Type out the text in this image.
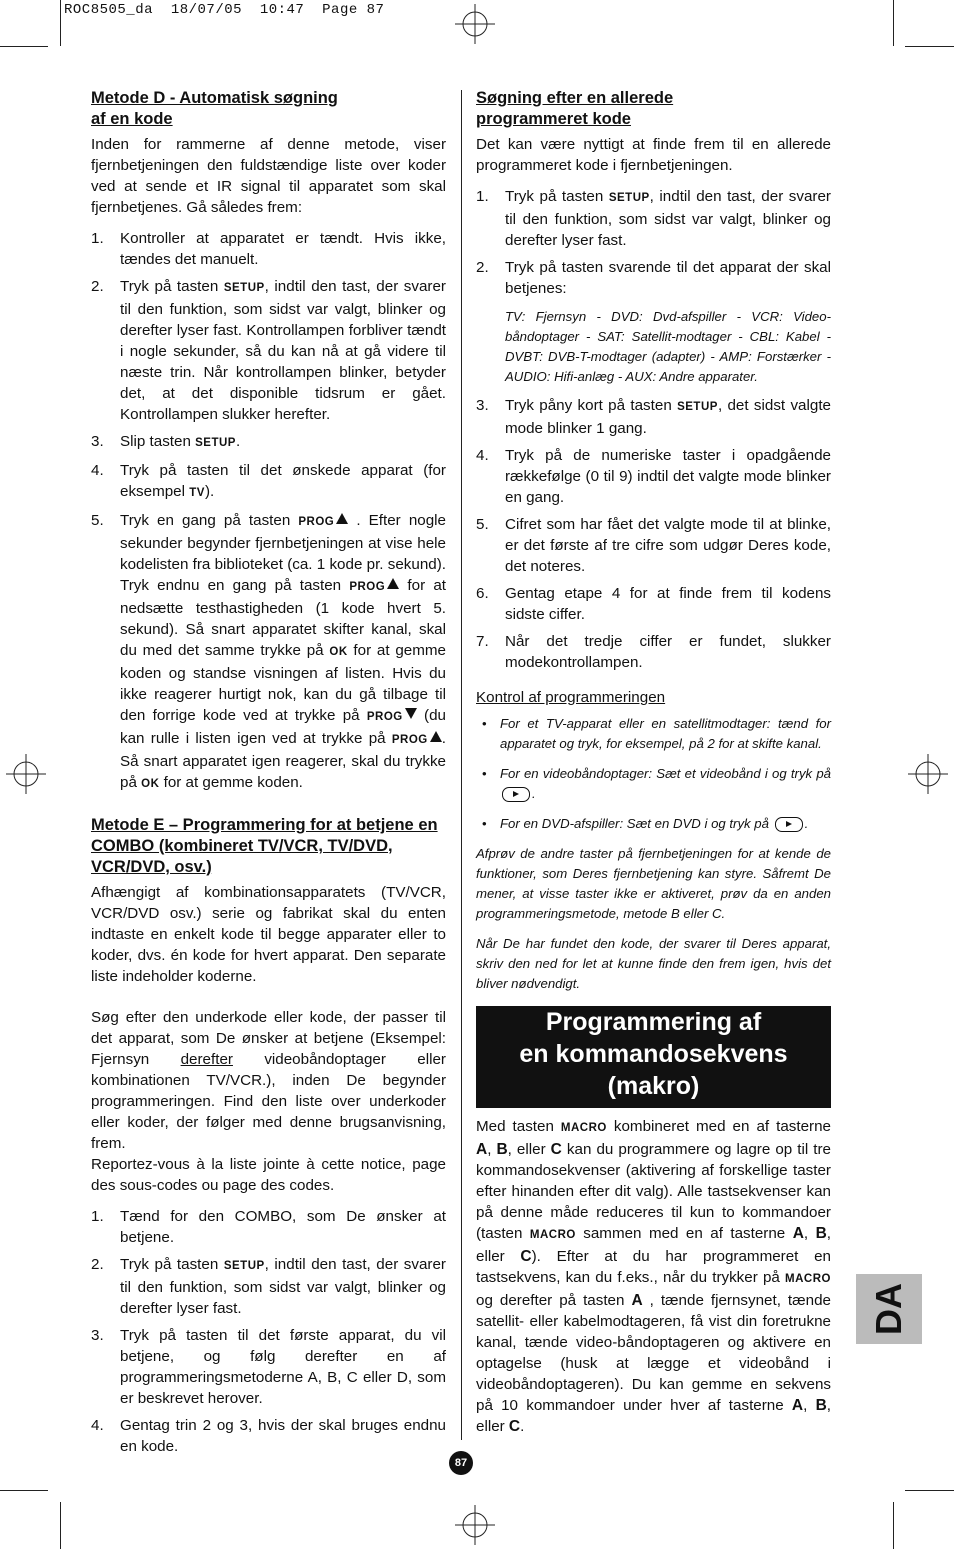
ROC8505_da  18/07/05  10:47  Page 87
Metode D - Automatisk søgning
af en kode

Inden for rammerne af denne metode, viser fjernbetjeningen den fuldstændige liste over koder ved at sende et IR signal til apparatet som skal fjernbetjenes. Gå således frem:

1. Kontroller at apparatet er tændt. Hvis ikke, tændes det manuelt.
2. Tryk på tasten SETUP, indtil den tast, der svarer til den funktion, som sidst var valgt, blinker og derefter lyser fast. Kontrollampen forbliver tændt i nogle sekunder, så du kan nå at gå videre til næste trin. Når kontrollampen blinker, betyder det, at det disponible tidsrum er gået. Kontrollampen slukker herefter.
3. Slip tasten SETUP.
4. Tryk på tasten til det ønskede apparat (for eksempel TV).
5. Tryk en gang på tasten PROG . Efter nogle sekunder begynder fjernbetjeningen at vise hele kodelisten fra biblioteket (ca. 1 kode pr. sekund). Tryk endnu en gang på tasten PROG for at nedsætte testhastigheden (1 kode hvert 5. sekund). Så snart apparatet skifter kanal, skal du med det samme trykke på OK for at gemme koden og standse visningen af listen. Hvis du ikke reagerer hurtigt nok, kan du gå tilbage til den forrige kode ved at trykke på PROG (du kan rulle i listen igen ved at trykke på PROG . Så snart apparatet igen reagerer, skal du trykke på OK for at gemme koden.
Metode E – Programmering for at betjene en COMBO (kombineret TV/VCR, TV/DVD, VCR/DVD, osv.)

Afhængigt af kombinationsapparatets (TV/VCR, VCR/DVD osv.) serie og fabrikat skal du enten indtaste en enkelt kode til begge apparater eller to koder, dvs. én kode for hvert apparat. Den separate liste indeholder koderne.

Søg efter den underkode eller kode, der passer til det apparat, som De ønsker at betjene (Eksempel: Fjernsyn derefter videobåndoptager eller kombinationen TV/VCR.), inden De begynder programmeringen. Find den liste over underkoder eller koder, der følger med denne brugsanvisning, frem.

Reportez-vous à la liste jointe à cette notice, page des sous-codes ou page des codes.

1. Tænd for den COMBO, som De ønsker at betjene.
2. Tryk på tasten SETUP, indtil den tast, der svarer til den funktion, som sidst var valgt, blinker og derefter lyser fast.
3. Tryk på tasten til det første apparat, du vil betjene, og følg derefter en af programmeringsmetoderne A, B, C eller D, som er beskrevet herover.
4. Gentag trin 2 og 3, hvis der skal bruges endnu en kode.
Søgning efter en allerede
programmeret kode

Det kan være nyttigt at finde frem til en allerede programmeret kode i fjernbetjeningen.

1. Tryk på tasten SETUP, indtil den tast, der svarer til den funktion, som sidst var valgt, blinker og derefter lyser fast.
2. Tryk på tasten svarende til det apparat der skal betjenes:

TV: Fjernsyn - DVD: Dvd-afspiller - VCR: Video-båndoptager - SAT: Satellit-modtager - CBL: Kabel - DVBT: DVB-T-modtager (adapter) - AMP: Forstærker - AUDIO: Hifi-anlæg - AUX: Andre apparater.

3. Tryk påny kort på tasten SETUP, det sidst valgte mode blinker 1 gang.
4. Tryk på de numeriske taster i opadgående rækkefølge (0 til 9) indtil det valgte mode blinker en gang.
5. Cifret som har fået det valgte mode til at blinke, er det første af tre cifre som udgør Deres kode, det noteres.
6. Gentag etape 4 for at finde frem til kodens sidste ciffer.
7. Når det tredje ciffer er fundet, slukker modekontrollampen.
Kontrol af programmeringen
• For et TV-apparat eller en satellitmodtager: tænd for apparatet og tryk, for eksempel, på 2 for at skifte kanal.
• For en videobåndoptager: Sæt et videobånd i og tryk på .
• For en DVD-afspiller: Sæt en DVD i og tryk på .

Afprøv de andre taster på fjernbetjeningen for at kende de funktioner, som Deres fjernbetjening kan styre. Såfremt De mener, at visse taster ikke er aktiveret, prøv da en anden programmeringsmetode, metode B eller C.

Når De har fundet den kode, der svarer til Deres apparat, skriv den ned for let at kunne finde den frem igen, hvis det bliver nødvendigt.

Programmering af
en kommandosekvens
(makro)

Med tasten MACRO kombineret med en af tasterne A, B, eller C kan du programmere og lagre op til tre kommandosekvenser (aktivering af forskellige taster efter hinanden efter dit valg). Alle tastsekvenser kan på denne måde reduceres til kun to kommandoer (tasten MACRO sammen med en af tasterne A, B, eller C). Efter at du har programmeret en tastsekvens, kan du f.eks., når du trykker på MACRO og derefter på tasten A , tænde fjernsynet, tænde satellit- eller kabelmodtageren, få vist din foretrukne kanal, tænde video-båndoptageren og aktivere en optagelse (husk at lægge et videobånd i videobåndoptageren). Du kan gemme en sekvens på 10 kommandoer under hver af tasterne A, B, eller C.

DA
87
